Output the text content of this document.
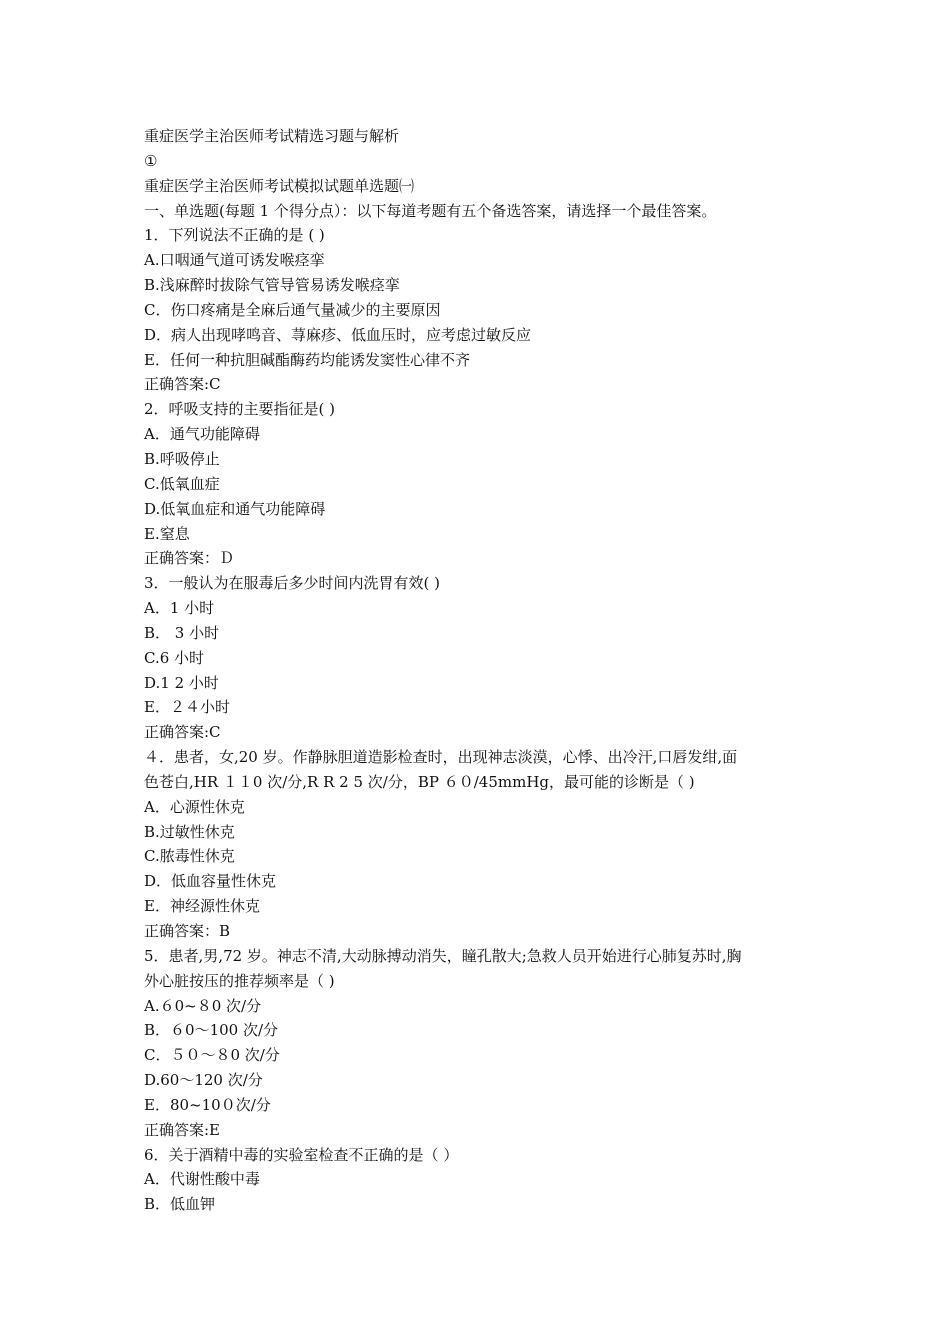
重症医学主治医师考试精选习题与解析

①

重症医学主治医师考试模拟试题单选题㈠

一、单选题(每题 1 个得分点）：以下每道考题有五个备选答案，请选择一个最佳答案。

1．下列说法不正确的是 ( )

A.口咽通气道可诱发喉痉挛

B.浅麻醉时拔除气管导管易诱发喉痉挛

C．伤口疼痛是全麻后通气量减少的主要原因

D．病人出现哮鸣音、荨麻疹、低血压时，应考虑过敏反应

E．任何一种抗胆碱酯酶药均能诱发窦性心律不齐

正确答案:C

2．呼吸支持的主要指征是( )

A．通气功能障碍

B.呼吸停止

C.低氧血症

D.低氧血症和通气功能障碍

E.窒息

正确答案：Ｄ

3．一般认为在服毒后多少时间内洗胃有效( )

A．1 小时

B． 3 小时

C.6 小时

D.1 2 小时

E．２４小时

正确答案:C

４．患者，女,20 岁。作静脉胆道造影检查时，出现神志淡漠，心悸、出冷汗,口唇发绀,面

色苍白,HR １１0 次/分,R R 2 5 次/分，BP ６０/45mmHg，最可能的诊断是（ )

A．心源性休克

B.过敏性休克

C.脓毒性休克

D．低血容量性休克

E．神经源性休克

正确答案：B

5．患者,男,72 岁。神志不清,大动脉搏动消失，瞳孔散大;急救人员开始进行心肺复苏时,胸

外心脏按压的推荐频率是（ )

A.６0~８0 次/分

B．６0～100 次/分

C．５０～８0 次/分

D.60～120 次/分

E．80~10０次/分

正确答案:E

6．关于酒精中毒的实验室检查不正确的是（ ）

A．代谢性酸中毒

B．低血钾
